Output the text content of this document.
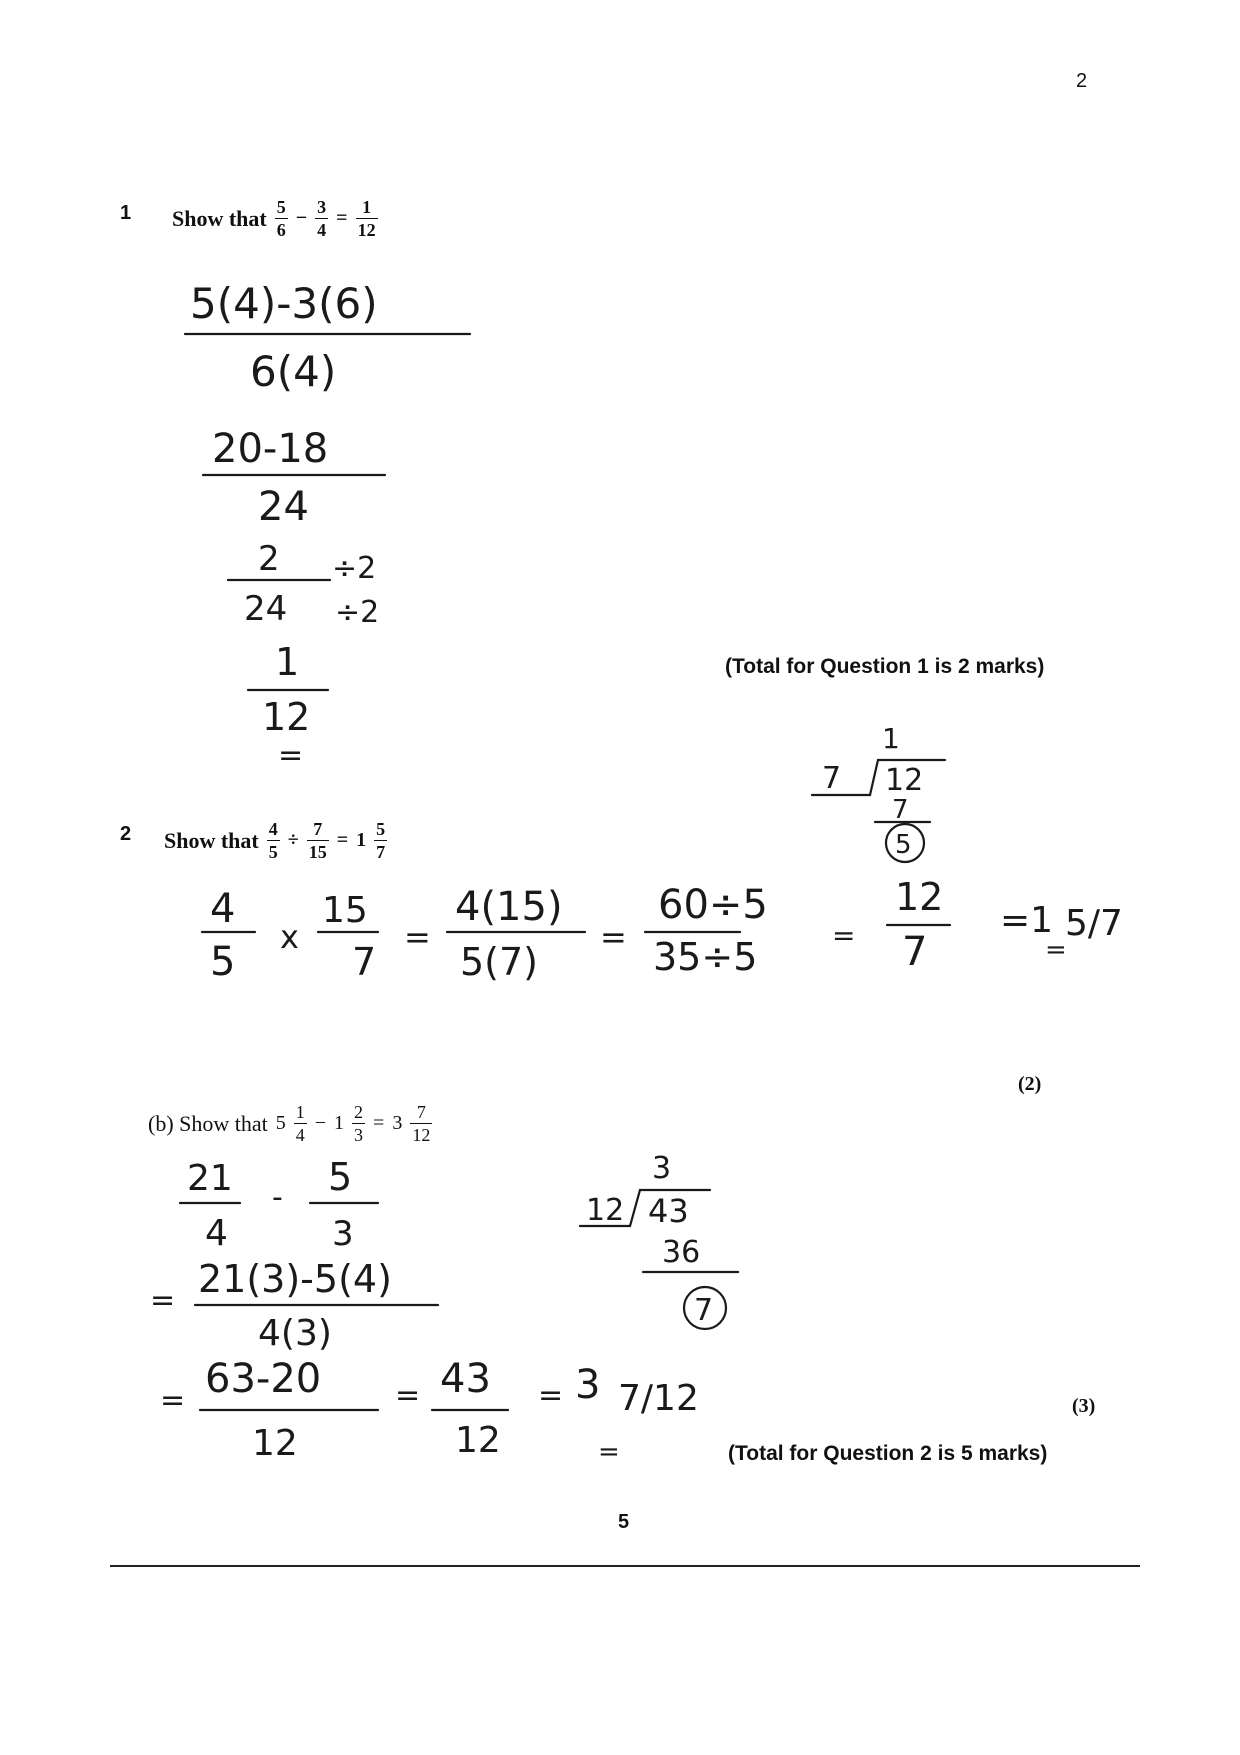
2
1 Show that $\frac{5}{6} - \frac{3}{4} = \frac{1}{12}$
(Total for Question 1 is 2 marks)
2 Show that $\frac{4}{5} \div \frac{7}{15} = 1 \frac{5}{7}$
(2)
(b) Show that $5 \frac{1}{4} - 1 \frac{2}{3} = 3 \frac{7}{12}$
(3)
(Total for Question 2 is 5 marks)
5
5(4)-3(6)
6(4)
20-18
24
2 ÷2
24 ÷2
1
12
=	1
7 12
7
5
4
5
x
15
7
=
4(15)
5(7)
=
60÷5
35÷5	=
12
7
=1 5/7
=
3
12 43
36
7
21
4
- 5
3
= 21(3)-5(4)
4(3)
= 63-20
12
= 43
12
= 3 7/12
=
